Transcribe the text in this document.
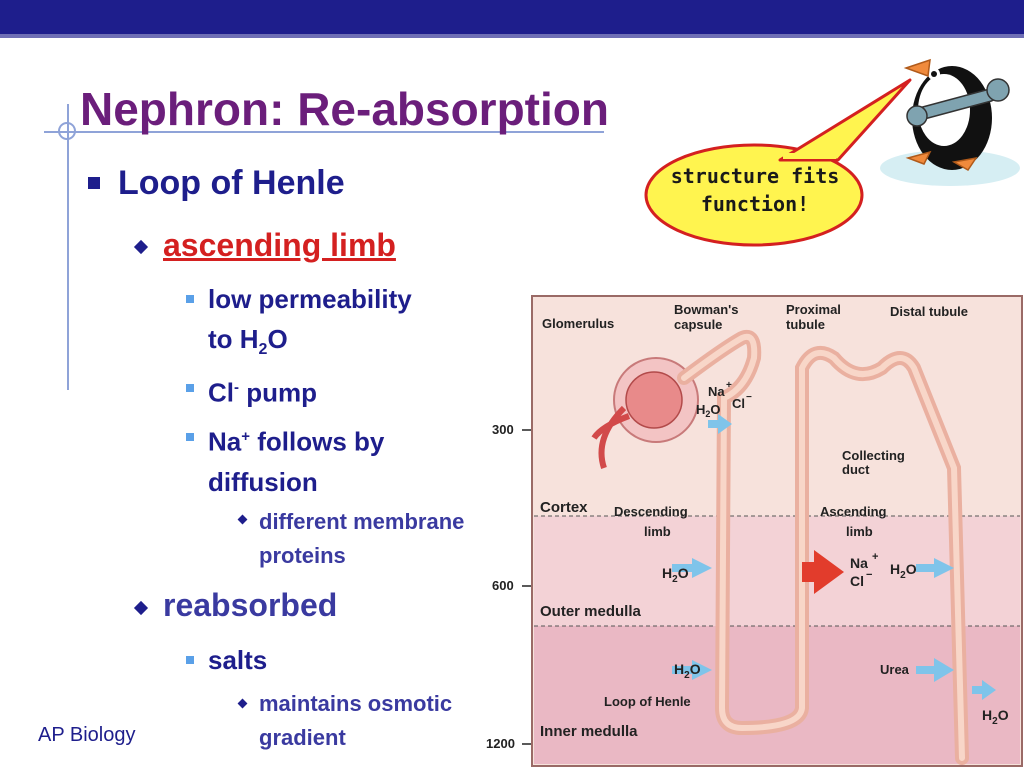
Nephron: Re-absorption
Loop of Henle
ascending limb
low permeability
to $H_2O$
Cl- pump
Na+ follows by
diffusion
different membrane
proteins
reabsorbed
salts
maintains osmotic
gradient
AP Biology
structure fits
function!
300
600
1200
Cortex
Outer medulla
Inner medulla
Glomerulus
Bowman's
capsule
Proximal
tubule
Distal tubule
Collecting
duct
Descending
limb
Ascending
limb
Loop of Henle
Urea
Na +
Cl −
$H_2O$
$H_2O$
$H_2O$
Na +
$Cl - H_2O$
$H_2O$
